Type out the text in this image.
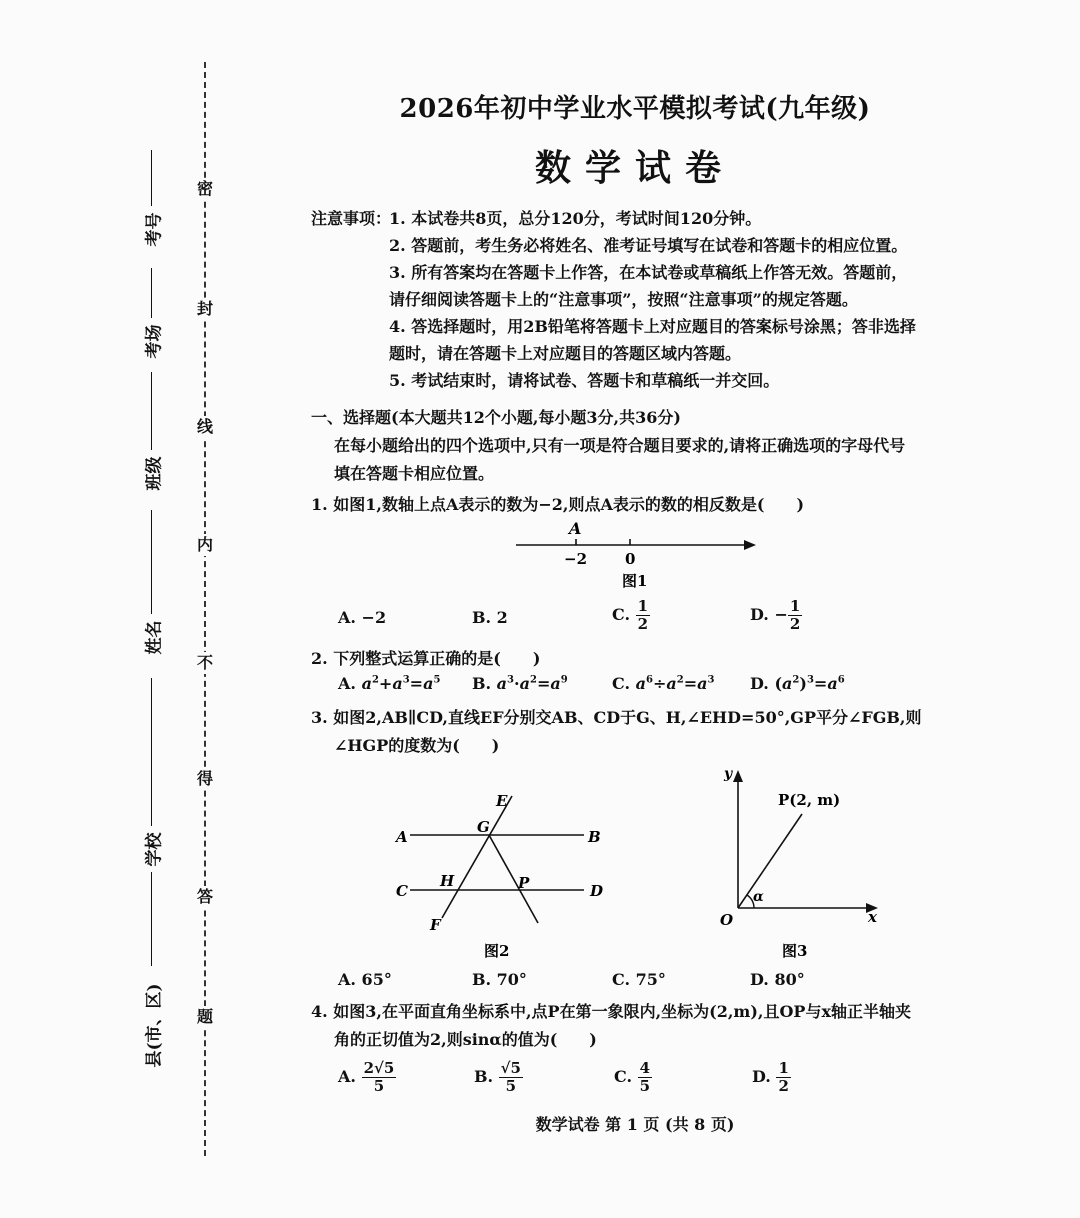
考号
考场
班级
姓名
学校
县(市、区)
密
封
线
内
不
得
答
题
2026年初中学业水平模拟考试(九年级)
数学试卷
注意事项：
1. 本试卷共8页，总分120分，考试时间120分钟。
2. 答题前，考生务必将姓名、准考证号填写在试卷和答题卡的相应位置。
3. 所有答案均在答题卡上作答，在本试卷或草稿纸上作答无效。答题前，
请仔细阅读答题卡上的“注意事项”，按照“注意事项”的规定答题。
4. 答选择题时，用2B铅笔将答题卡上对应题目的答案标号涂黑；答非选择
题时，请在答题卡上对应题目的答题区域内答题。
5. 考试结束时，请将试卷、答题卡和草稿纸一并交回。
一、选择题(本大题共12个小题,每小题3分,共36分)
在每小题给出的四个选项中,只有一项是符合题目要求的,请将正确选项的字母代号
填在答题卡相应位置。
1. 如图1,数轴上点A表示的数为−2,则点A表示的数的相反数是(　　)
A
−2	0
图1
A. −2	B. 2	C. $\frac{1}{2}$	D. − $\frac{1}{2}$
2. 下列整式运算正确的是(　　)
A. $a^2+a^3=a^5$ B. $a^3\cdot a^2=a^9$	C. $a^6\div a^2=a^3$ D. $(a^2)^3=a^6$
3. 如图2,AB∥CD,直线EF分别交AB、CD于G、H,∠EHD=50°,GP平分∠FGB,则
∠HGP的度数为(　　)
E
G
A	B
C
H	P	D
F
图2
y
P(2, m)
α
O	x
图3
A. 65°	B. 70°	C. 75°	D. 80°
4. 如图3,在平面直角坐标系中,点P在第一象限内,坐标为(2,m),且OP与x轴正半轴夹
角的正切值为2,则sinα的值为(　　)
A. $\frac{2√5}{5}$	B. $\frac{√5}{5}$	C. $\frac{4}{5}$	D. $\frac{1}{2}$
数学试卷 第 1 页 (共 8 页)
